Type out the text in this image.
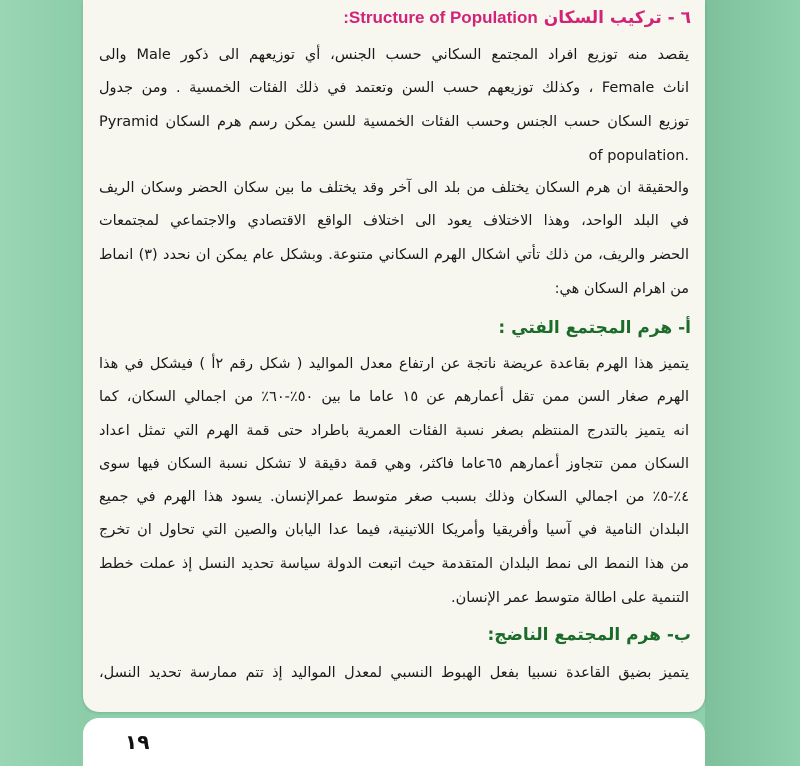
٦ - تركيب السكان Structure of Population:
يقصد منه توزيع افراد المجتمع السكاني حسب الجنس، أي توزيعهم الى ذكور Male والى
اناث Female ، وكذلك توزيعهم حسب السن وتعتمد في ذلك الفئات الخمسية . ومن جدول
توزيع السكان حسب الجنس وحسب الفئات الخمسية للسن يمكن رسم هرم السكان Pyramid
.of population
والحقيقة ان هرم السكان يختلف من بلد الى آخر وقد يختلف ما بين سكان الحضر وسكان الريف
في البلد الواحد، وهذا الاختلاف يعود الى اختلاف الواقع الاقتصادي والاجتماعي لمجتمعات
الحضر والريف، من ذلك تأتي اشكال الهرم السكاني متنوعة. وبشكل عام يمكن ان نحدد (٣) انماط
من اهرام السكان هي:
أ- هرم المجتمع الفتي :
يتميز هذا الهرم بقاعدة عريضة ناتجة عن ارتفاع معدل المواليد ( شكل رقم ٢أ ) فيشكل في هذا
الهرم صغار السن ممن تقل أعمارهم عن ١٥ عاما ما بين ٥٠٪-٦٠٪ من اجمالي السكان، كما
انه يتميز بالتدرج المنتظم بصغر نسبة الفئات العمرية باطراد حتى قمة الهرم التي تمثل اعداد
السكان ممن تتجاوز أعمارهم ٦٥عاما فاكثر، وهي قمة دقيقة لا تشكل نسبة السكان فيها سوى
٤٪-٥٪ من اجمالي السكان وذلك بسبب صغر متوسط عمرالإنسان. يسود هذا الهرم في جميع
البلدان النامية في آسيا وأفريقيا وأمريكا اللاتينية، فيما عدا اليابان والصين التي تحاول ان تخرج
من هذا النمط الى نمط البلدان المتقدمة حيث اتبعت الدولة سياسة تحديد النسل إذ عملت خطط
التنمية على اطالة متوسط عمر الإنسان.
ب- هرم المجتمع الناضج:
يتميز بضيق القاعدة نسبيا بفعل الهبوط النسبي لمعدل المواليد إذ تتم ممارسة تحديد النسل،
١٩
